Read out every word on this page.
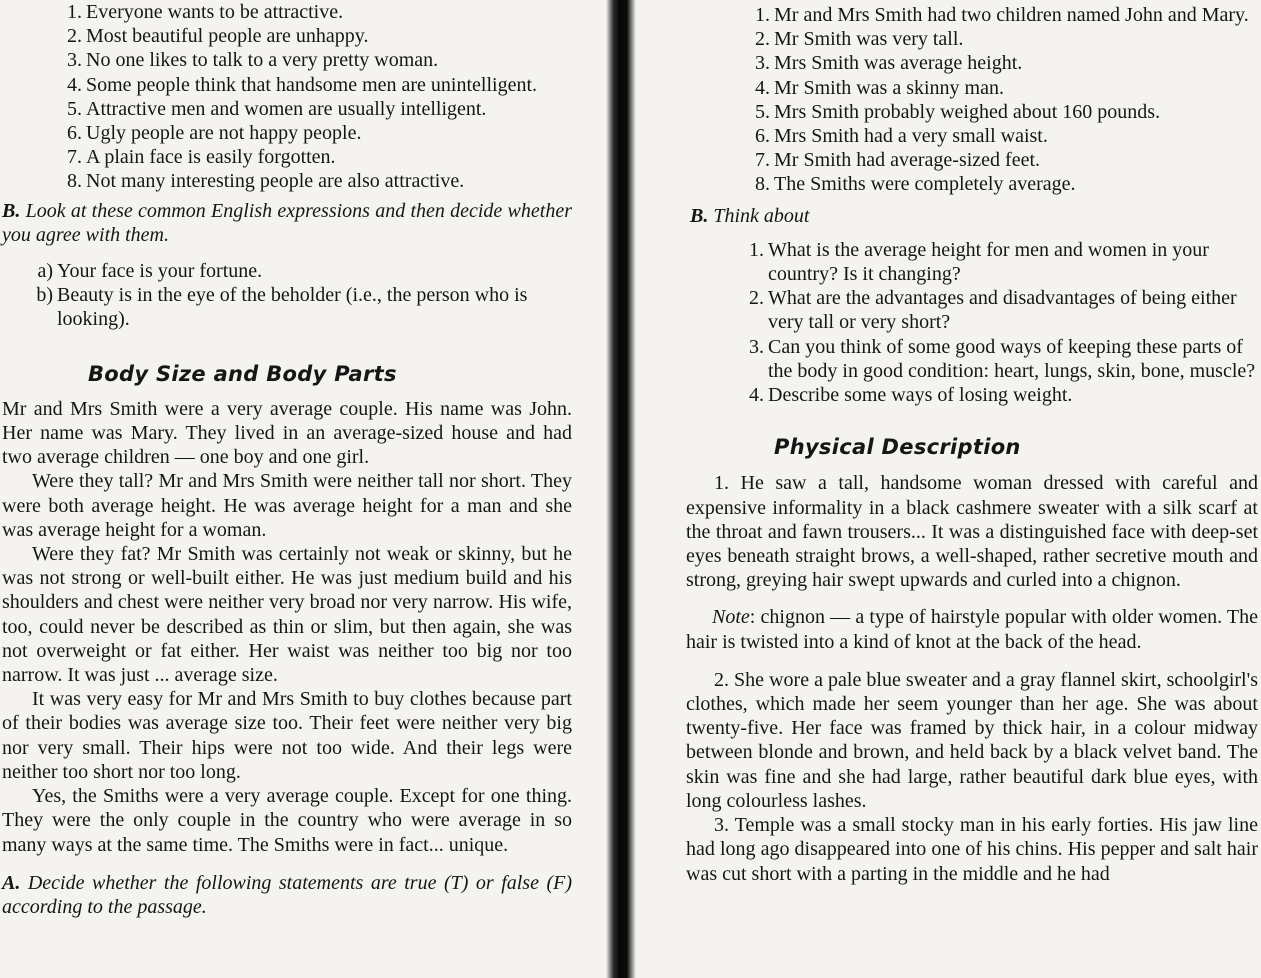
1. Everyone wants to be attractive.
2. Most beautiful people are unhappy.
3. No one likes to talk to a very pretty woman.
4. Some people think that handsome men are unintelligent.
5. Attractive men and women are usually intelligent.
6. Ugly people are not happy people.
7. A plain face is easily forgotten.
8. Not many interesting people are also attractive.

B. Look at these common English expressions and then decide whether you agree with them.

a) Your face is your fortune.
b) Beauty is in the eye of the beholder (i.e., the person who is looking).
Body Size and Body Parts

Mr and Mrs Smith were a very average couple. His name was John. Her name was Mary. They lived in an average-sized house and had two average children — one boy and one girl.

Were they tall? Mr and Mrs Smith were neither tall nor short. They were both average height. He was average height for a man and she was average height for a woman.

Were they fat? Mr Smith was certainly not weak or skinny, but he was not strong or well-built either. He was just medium build and his shoulders and chest were neither very broad nor very narrow. His wife, too, could never be described as thin or slim, but then again, she was not overweight or fat either. Her waist was neither too big nor too narrow. It was just ... average size.

It was very easy for Mr and Mrs Smith to buy clothes because part of their bodies was average size too. Their feet were neither very big nor very small. Their hips were not too wide. And their legs were neither too short nor too long.

Yes, the Smiths were a very average couple. Except for one thing. They were the only couple in the country who were average in so many ways at the same time. The Smiths were in fact... unique.

A. Decide whether the following statements are true (T) or false (F) according to the passage.

1. Mr and Mrs Smith had two children named John and Mary.
2. Mr Smith was very tall.
3. Mrs Smith was average height.
4. Mr Smith was a skinny man.
5. Mrs Smith probably weighed about 160 pounds.
6. Mrs Smith had a very small waist.
7. Mr Smith had average-sized feet.
8. The Smiths were completely average.

B. Think about

1. What is the average height for men and women in your country? Is it changing?
2. What are the advantages and disadvantages of being either very tall or very short?
3. Can you think of some good ways of keeping these parts of the body in good condition: heart, lungs, skin, bone, muscle?
4. Describe some ways of losing weight.
Physical Description

1. He saw a tall, handsome woman dressed with careful and expensive informality in a black cashmere sweater with a silk scarf at the throat and fawn trousers... It was a distinguished face with deep-set eyes beneath straight brows, a well-shaped, rather secretive mouth and strong, greying hair swept upwards and curled into a chignon.

Note: chignon — a type of hairstyle popular with older women. The hair is twisted into a kind of knot at the back of the head.

2. She wore a pale blue sweater and a gray flannel skirt, schoolgirl's clothes, which made her seem younger than her age. She was about twenty-five. Her face was framed by thick hair, in a colour midway between blonde and brown, and held back by a black velvet band. The skin was fine and she had large, rather beautiful dark blue eyes, with long colourless lashes.

3. Temple was a small stocky man in his early forties. His jaw line had long ago disappeared into one of his chins. His pepper and salt hair was cut short with a parting in the middle and he had
